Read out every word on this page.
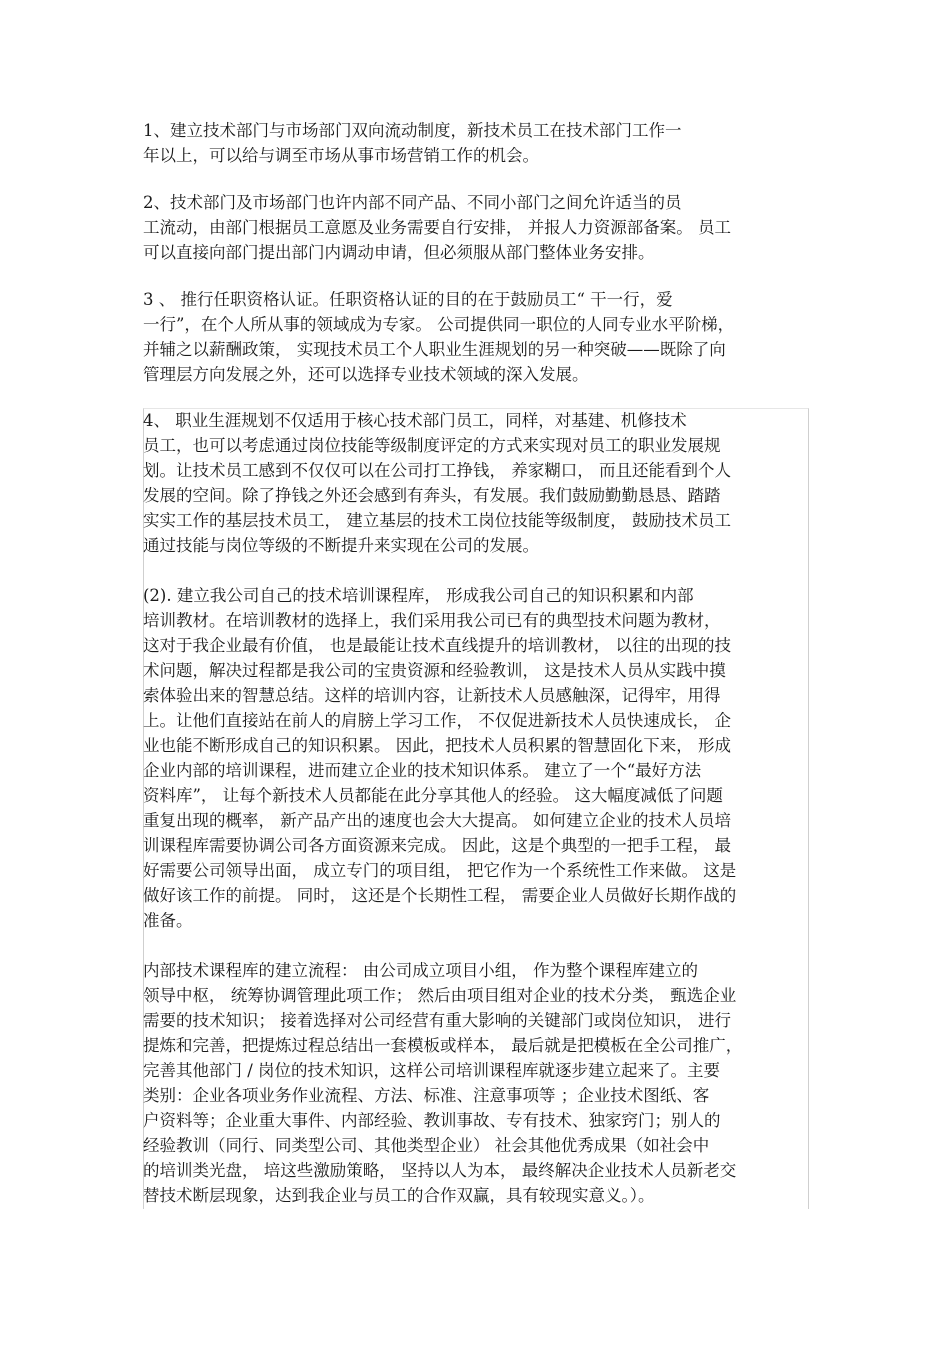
1、建立技术部门与市场部门双向流动制度，新技术员工在技术部门工作一
年以上，可以给与调至市场从事市场营销工作的机会。
2、技术部门及市场部门也许内部不同产品、不同小部门之间允许适当的员
工流动，由部门根据员工意愿及业务需要自行安排， 并报人力资源部备案。 员工
可以直接向部门提出部门内调动申请，但必须服从部门整体业务安排。
3 、 推行任职资格认证。任职资格认证的目的在于鼓励员工“ 干一行，爱
一行”，在个人所从事的领域成为专家。 公司提供同一职位的人同专业水平阶梯，
并辅之以薪酬政策， 实现技术员工个人职业生涯规划的另一种突破——既除了向
管理层方向发展之外，还可以选择专业技术领域的深入发展。
4、 职业生涯规划不仅适用于核心技术部门员工，同样，对基建、机修技术
员工，也可以考虑通过岗位技能等级制度评定的方式来实现对员工的职业发展规
划。让技术员工感到不仅仅可以在公司打工挣钱， 养家糊口， 而且还能看到个人
发展的空间。除了挣钱之外还会感到有奔头，有发展。我们鼓励勤勤恳恳、踏踏
实实工作的基层技术员工， 建立基层的技术工岗位技能等级制度， 鼓励技术员工
通过技能与岗位等级的不断提升来实现在公司的发展。
(2). 建立我公司自己的技术培训课程库， 形成我公司自己的知识积累和内部
培训教材。在培训教材的选择上，我们采用我公司已有的典型技术问题为教材，
这对于我企业最有价值， 也是最能让技术直线提升的培训教材， 以往的出现的技
术问题，解决过程都是我公司的宝贵资源和经验教训， 这是技术人员从实践中摸
索体验出来的智慧总结。这样的培训内容，让新技术人员感触深，记得牢，用得
上。让他们直接站在前人的肩膀上学习工作， 不仅促进新技术人员快速成长， 企
业也能不断形成自己的知识积累。 因此，把技术人员积累的智慧固化下来， 形成
企业内部的培训课程，进而建立企业的技术知识体系。 建立了一个“最好方法
资料库”， 让每个新技术人员都能在此分享其他人的经验。 这大幅度减低了问题
重复出现的概率， 新产品产出的速度也会大大提高。 如何建立企业的技术人员培
训课程库需要协调公司各方面资源来完成。 因此，这是个典型的一把手工程， 最
好需要公司领导出面， 成立专门的项目组， 把它作为一个系统性工作来做。 这是
做好该工作的前提。 同时， 这还是个长期性工程， 需要企业人员做好长期作战的
准备。
内部技术课程库的建立流程： 由公司成立项目小组， 作为整个课程库建立的
领导中枢， 统筹协调管理此项工作； 然后由项目组对企业的技术分类， 甄选企业
需要的技术知识； 接着选择对公司经营有重大影响的关键部门或岗位知识， 进行
提炼和完善，把提炼过程总结出一套模板或样本， 最后就是把模板在全公司推广，
完善其他部门 / 岗位的技术知识，这样公司培训课程库就逐步建立起来了。主要
类别：企业各项业务作业流程、方法、标准、注意事项等 ；企业技术图纸、客
户资料等；企业重大事件、内部经验、教训事故、专有技术、独家窍门；别人的
经验教训（同行、同类型公司、其他类型企业） 社会其他优秀成果（如社会中
的培训类光盘， 培这些激励策略， 坚持以人为本， 最终解决企业技术人员新老交
替技术断层现象，达到我企业与员工的合作双赢，具有较现实意义。）。
